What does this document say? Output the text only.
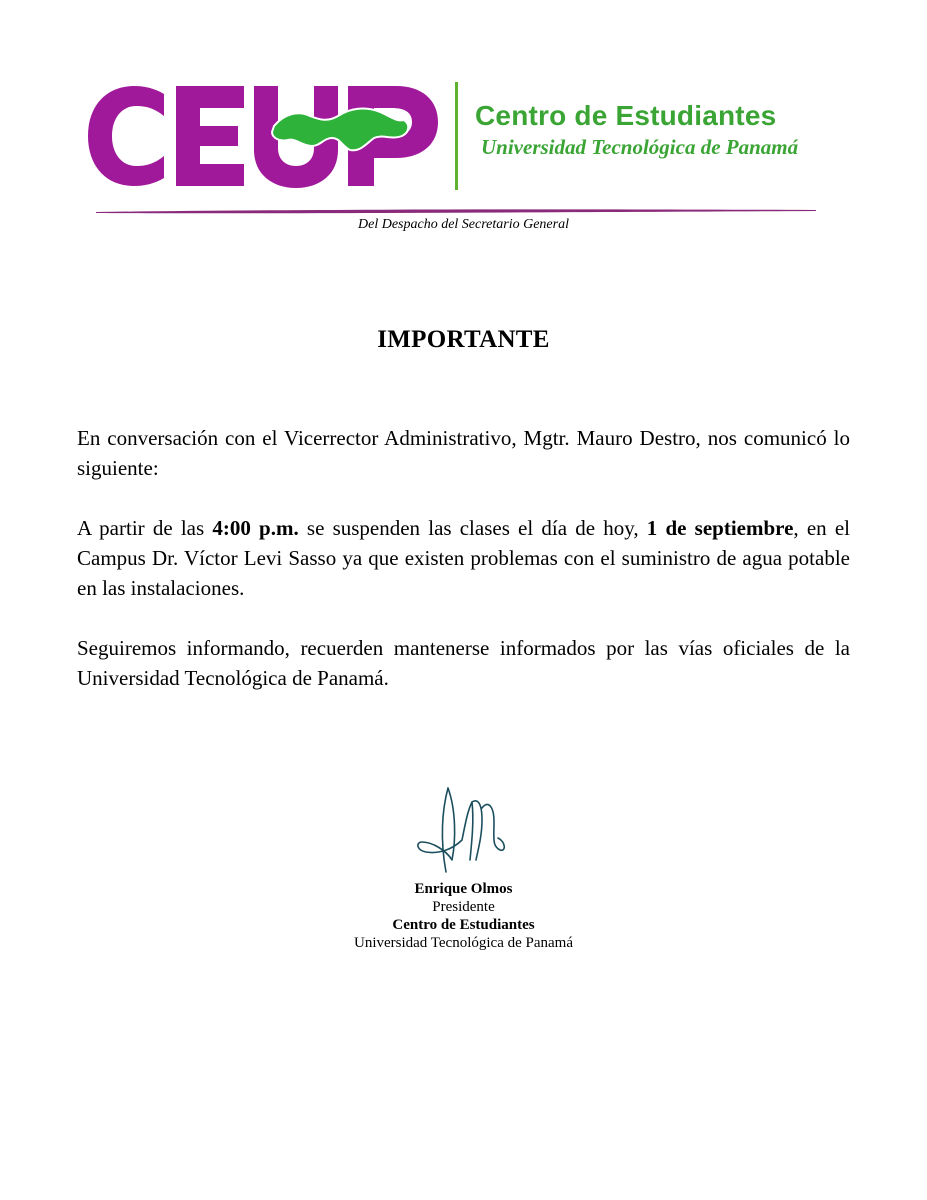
Centro de Estudiantes
Universidad Tecnológica de Panamá
Del Despacho del Secretario General
IMPORTANTE

En conversación con el Vicerrector Administrativo, Mgtr. Mauro Destro, nos comunicó lo siguiente:

A partir de las 4:00 p.m. se suspenden las clases el día de hoy, 1 de septiembre, en el Campus Dr. Víctor Levi Sasso ya que existen problemas con el suministro de agua potable en las instalaciones.

Seguiremos informando, recuerden mantenerse informados por las vías oficiales de la Universidad Tecnológica de Panamá.

Enrique Olmos
Presidente
Centro de Estudiantes
Universidad Tecnológica de Panamá
